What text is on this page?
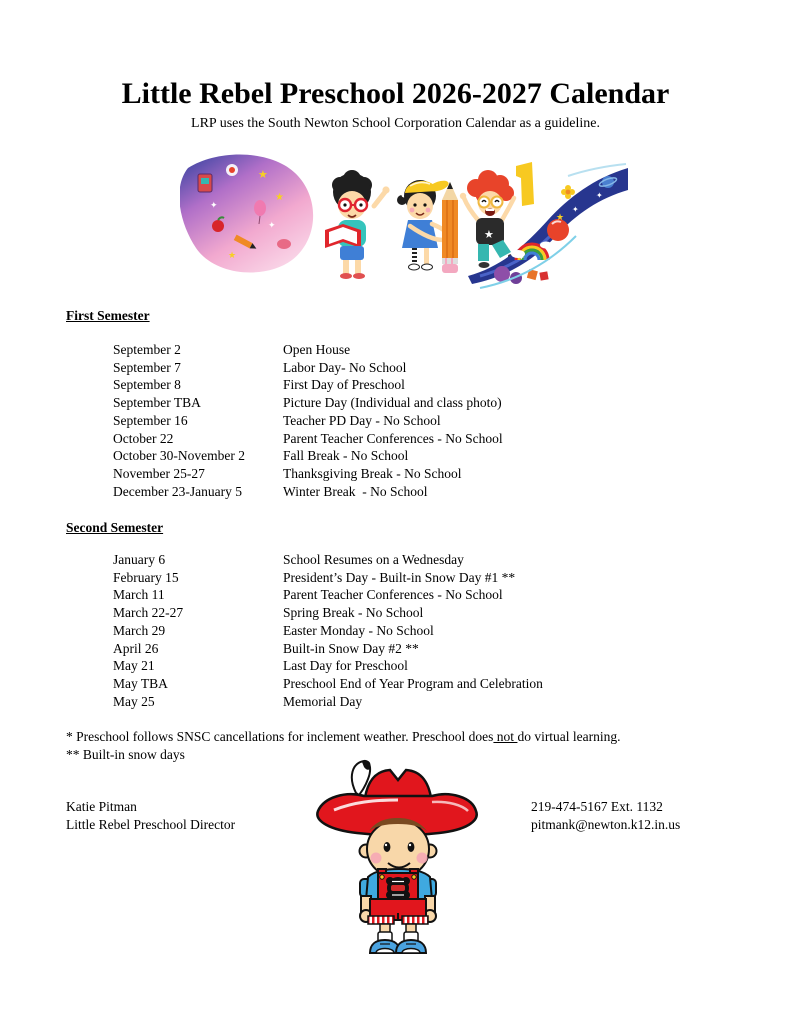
Little Rebel Preschool 2026-2027 Calendar
LRP uses the South Newton School Corporation Calendar as a guideline.
★
★
✦
✦
★
★
✦
✦
✦
★
First Semester
September 2	Open House
September 7	Labor Day- No School
September 8	First Day of Preschool
September TBA	Picture Day (Individual and class photo)
September 16	Teacher PD Day - No School
October 22	Parent Teacher Conferences - No School
October 30-November 2	Fall Break - No School
November 25-27	Thanksgiving Break - No School
December 23-January 5	Winter Break  - No School
Second Semester
January 6	School Resumes on a Wednesday
February 15	President’s Day - Built-in Snow Day #1 **
March 11	Parent Teacher Conferences - No School
March 22-27	Spring Break - No School
March 29	Easter Monday - No School
April 26	Built-in Snow Day #2 **
May 21	Last Day for Preschool
May TBA	Preschool End of Year Program and Celebration
May 25	Memorial Day
* Preschool follows SNSC cancellations for inclement weather. Preschool does not do virtual learning.
** Built-in snow days
Katie Pitman
Little Rebel Preschool Director
219-474-5167 Ext. 1132
pitmank@newton.k12.in.us
